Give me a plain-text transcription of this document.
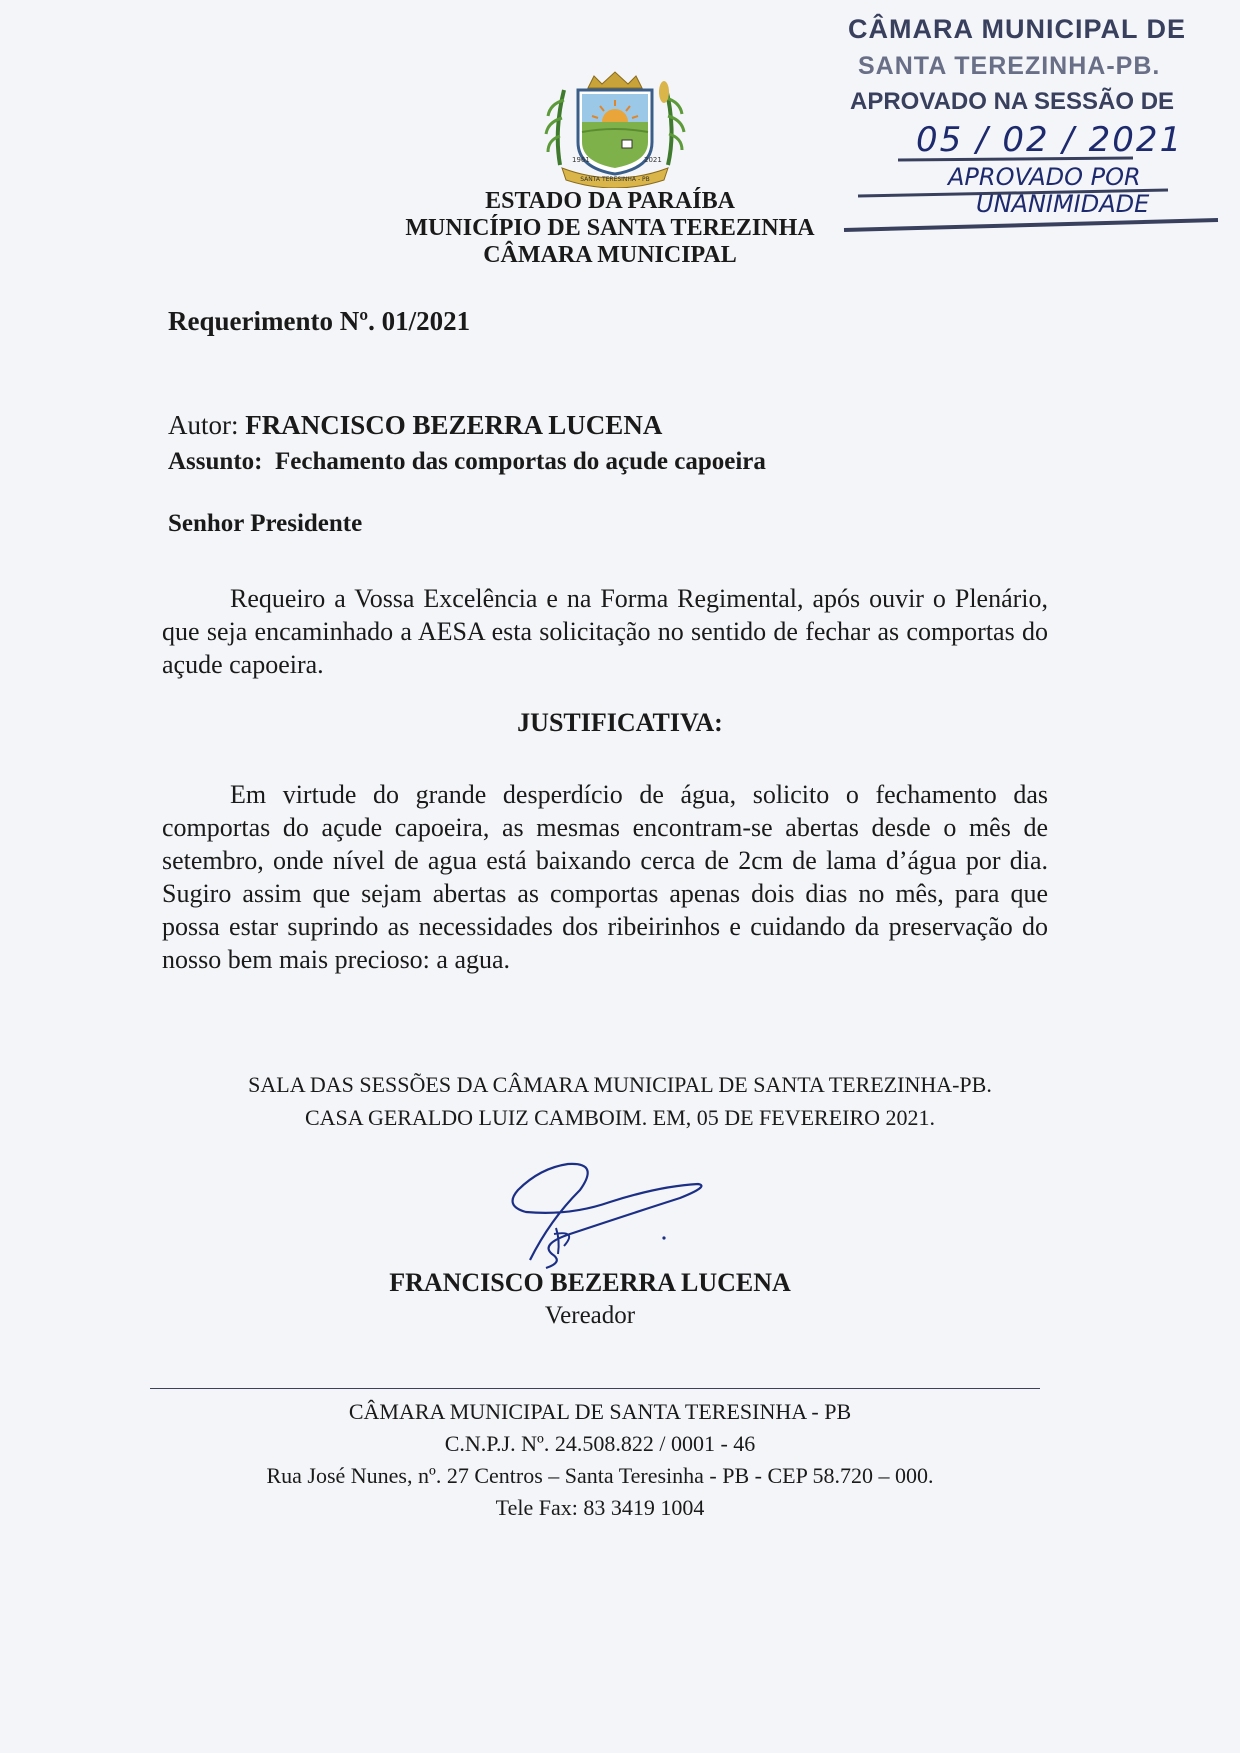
1961	2021
SANTA TERESINHA - PB
ESTADO DA PARAÍBA
MUNICÍPIO DE SANTA TEREZINHA
CÂMARA MUNICIPAL
CÂMARA MUNICIPAL DE
SANTA TEREZINHA-PB.
APROVADO NA SESSÃO DE
05 / 02 / 2021
APROVADO POR
UNANIMIDADE
Requerimento Nº. 01/2021
Autor: FRANCISCO BEZERRA LUCENA
Assunto: Fechamento das comportas do açude capoeira
Senhor Presidente
Requeiro a Vossa Excelência e na Forma Regimental, após ouvir o Plenário, que seja encaminhado a AESA esta solicitação no sentido de fechar as comportas do açude capoeira.
JUSTIFICATIVA:
Em virtude do grande desperdício de água, solicito o fechamento das comportas do açude capoeira, as mesmas encontram-se abertas desde o mês de setembro, onde nível de agua está baixando cerca de 2cm de lama d’água por dia. Sugiro assim que sejam abertas as comportas apenas dois dias no mês, para que possa estar suprindo as necessidades dos ribeirinhos e cuidando da preservação do nosso bem mais precioso: a agua.
SALA DAS SESSÕES DA CÂMARA MUNICIPAL DE SANTA TEREZINHA-PB.
CASA GERALDO LUIZ CAMBOIM. EM, 05 DE FEVEREIRO 2021.
FRANCISCO BEZERRA LUCENA
Vereador
CÂMARA MUNICIPAL DE SANTA TERESINHA - PB
C.N.P.J. Nº. 24.508.822 / 0001 - 46
Rua José Nunes, nº. 27 Centros – Santa Teresinha - PB - CEP 58.720 – 000.
Tele Fax: 83 3419 1004
